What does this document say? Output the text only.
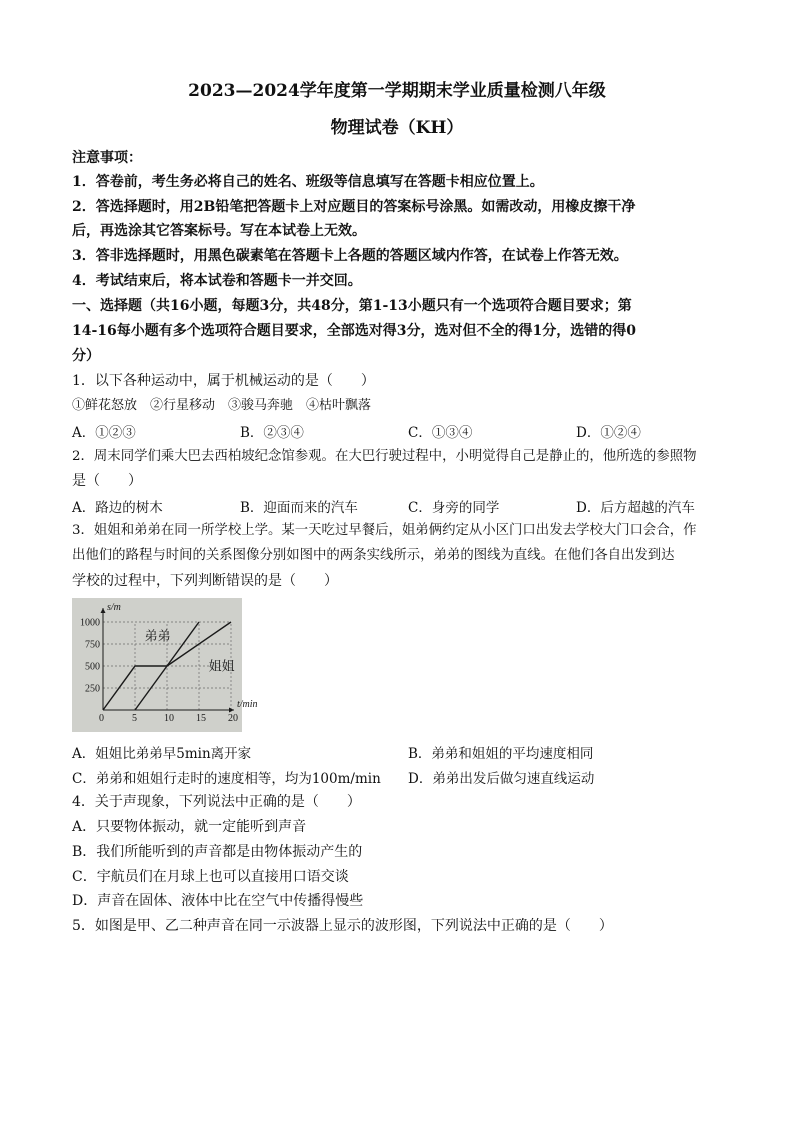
2023—2024学年度第一学期期末学业质量检测八年级
物理试卷（KH）
注意事项：
1．答卷前，考生务必将自己的姓名、班级等信息填写在答题卡相应位置上。
2．答选择题时，用2B铅笔把答题卡上对应题目的答案标号涂黑。如需改动，用橡皮擦干净
后，再选涂其它答案标号。写在本试卷上无效。
3．答非选择题时，用黑色碳素笔在答题卡上各题的答题区域内作答，在试卷上作答无效。
4．考试结束后，将本试卷和答题卡一并交回。
一、选择题（共16小题，每题3分，共48分，第1-13小题只有一个选项符合题目要求；第
14-16每小题有多个选项符合题目要求，全部选对得3分，选对但不全的得1分，选错的得0
分）
1．以下各种运动中，属于机械运动的是（　　）
①鲜花怒放　②行星移动　③骏马奔驰　④枯叶飘落
A．①②③	B．②③④	C．①③④	D．①②④
2．周末同学们乘大巴去西柏坡纪念馆参观。在大巴行驶过程中，小明觉得自己是静止的，他所选的参照物
是（　　）
A．路边的树木	B．迎面而来的汽车	C．身旁的同学	D．后方超越的汽车
3．姐姐和弟弟在同一所学校上学。某一天吃过早餐后，姐弟俩约定从小区门口出发去学校大门口会合，作
出他们的路程与时间的关系图像分别如图中的两条实线所示，弟弟的图线为直线。在他们各自出发到达
学校的过程中，下列判断错误的是（　　）
0	5	10 15 20
250
500
750
1000
s/m
t/min
弟弟
姐姐
A．姐姐比弟弟早5min离开家	B．弟弟和姐姐的平均速度相同
C．弟弟和姐姐行走时的速度相等，均为100m/min D．弟弟出发后做匀速直线运动
4．关于声现象，下列说法中正确的是（　　）
A．只要物体振动，就一定能听到声音
B．我们所能听到的声音都是由物体振动产生的
C．宇航员们在月球上也可以直接用口语交谈
D．声音在固体、液体中比在空气中传播得慢些
5．如图是甲、乙二种声音在同一示波器上显示的波形图，下列说法中正确的是（　　）
